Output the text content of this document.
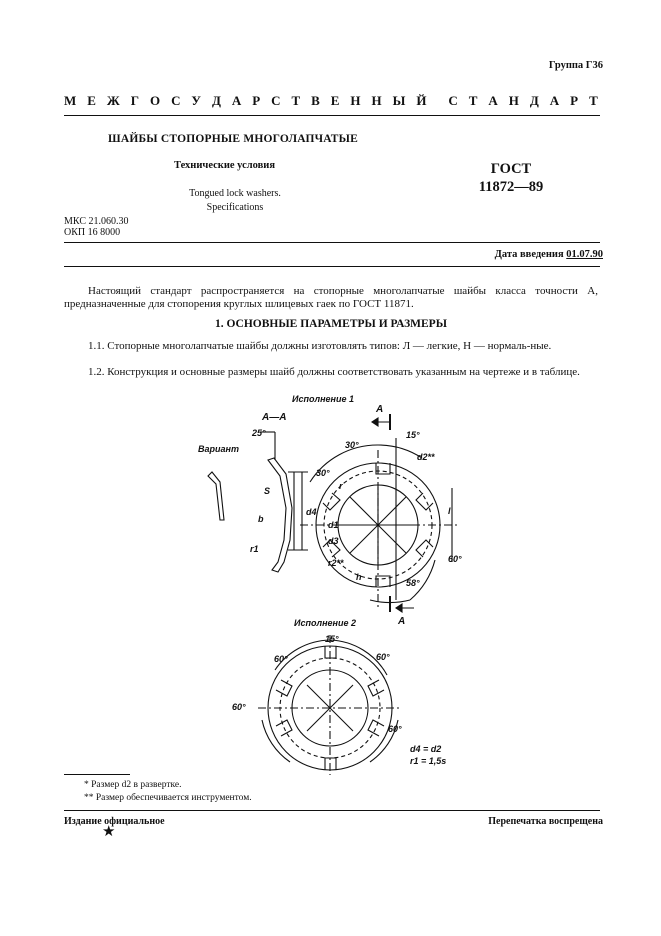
Группа Г36
М Е Ж Г О С У Д А Р С Т В Е Н Н Ы Й С Т А Н Д А Р Т
ШАЙБЫ СТОПОРНЫЕ МНОГОЛАПЧАТЫЕ
Технические условия
Tongued lock washers.
Specifications
ГОСТ
11872—89
МКС 21.060.30
ОКП 16 8000
Дата введения 01.07.90
Настоящий стандарт распространяется на стопорные многолапчатые шайбы класса точности А, предназначенные для стопорения круглых шлицевых гаек по ГОСТ 11871.
1. ОСНОВНЫЕ ПАРАМЕТРЫ И РАЗМЕРЫ
1.1. Стопорные многолапчатые шайбы должны изготовлять типов: Л — легкие, Н — нормаль-ные.
1.2. Конструкция и основные размеры шайб должны соответствовать указанным на чертеже и в таблице.
Исполнение 1
А—А
Вариант
А
А
25°
30°
30°
15°
58°
60°
d2**
S
b
d4
r1
r
d1
d3
r2**
h
l
Исполнение 2
15°
60°	60°
60°
60°
d4 = d2
r1 = 1,5s
* Размер d2 в развертке.
** Размер обеспечивается инструментом.
Издание официальное	Перепечатка воспрещена
★
